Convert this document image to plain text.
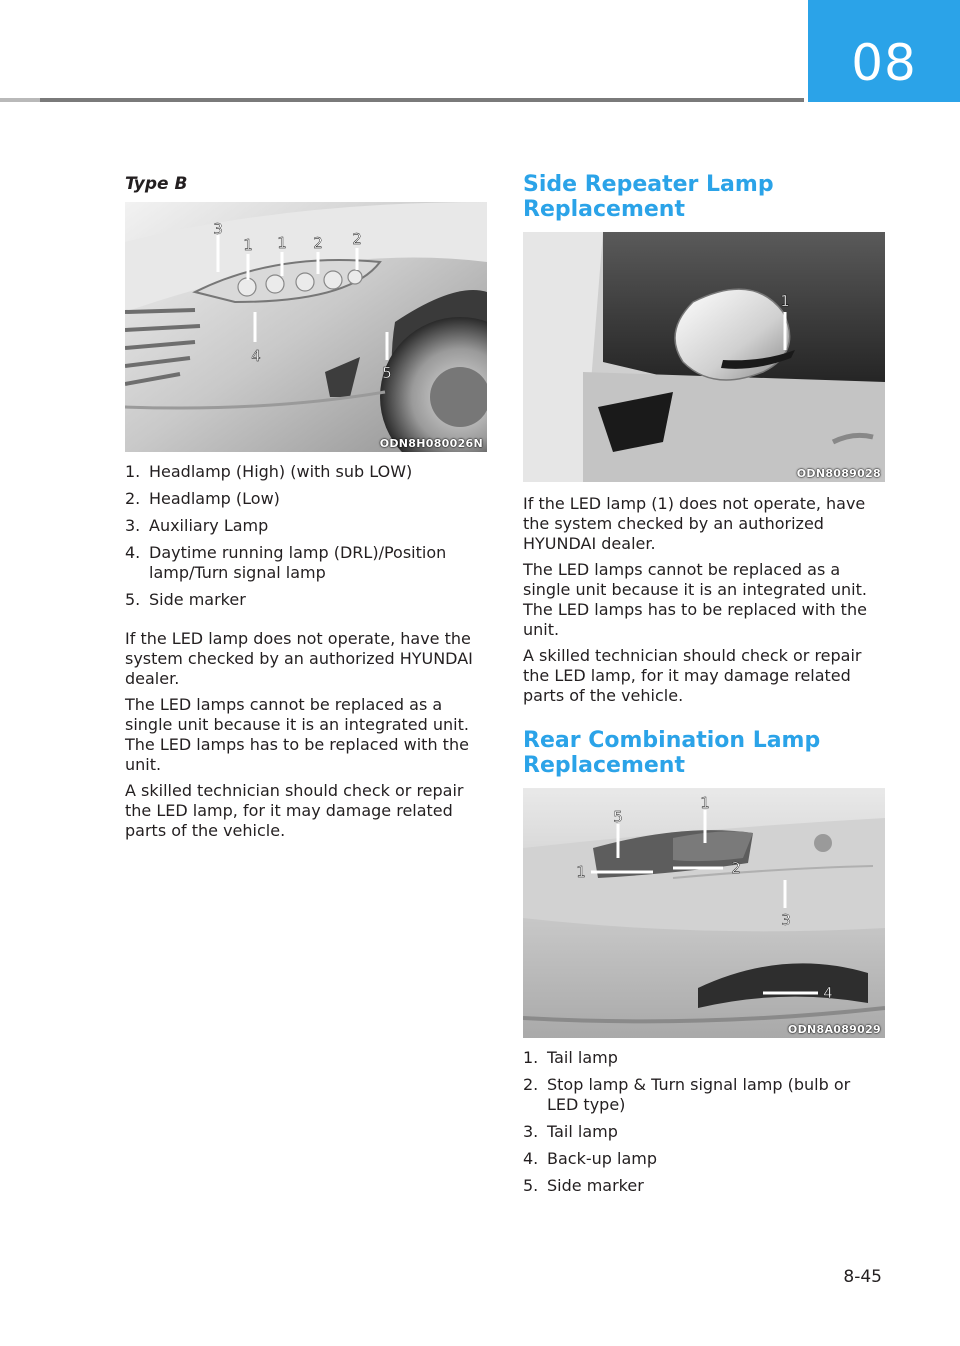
08
Type B
3
1 1 2 2
4
5
ODN8H080026N
1. Headlamp (High) (with sub LOW)
2. Headlamp (Low)
3. Auxiliary Lamp
4. Daytime running lamp (DRL)/Position lamp/Turn signal lamp
5. Side marker

If the LED lamp does not operate, have the system checked by an authorized HYUNDAI dealer.

The LED lamps cannot be replaced as a single unit because it is an integrated unit. The LED lamps has to be replaced with the unit.

A skilled technician should check or repair the LED lamp, for it may damage related parts of the vehicle.

Side Repeater Lamp
Replacement
1
ODN8089028

If the LED lamp (1) does not operate, have the system checked by an authorized HYUNDAI dealer.

The LED lamps cannot be replaced as a single unit because it is an integrated unit. The LED lamps has to be replaced with the unit.

A skilled technician should check or repair the LED lamp, for it may damage related parts of the vehicle.

Rear Combination Lamp
Replacement
5
1
1	2
3
4
ODN8A089029
1. Tail lamp
2. Stop lamp & Turn signal lamp (bulb or LED type)
3. Tail lamp
4. Back-up lamp
5. Side marker
8-45
